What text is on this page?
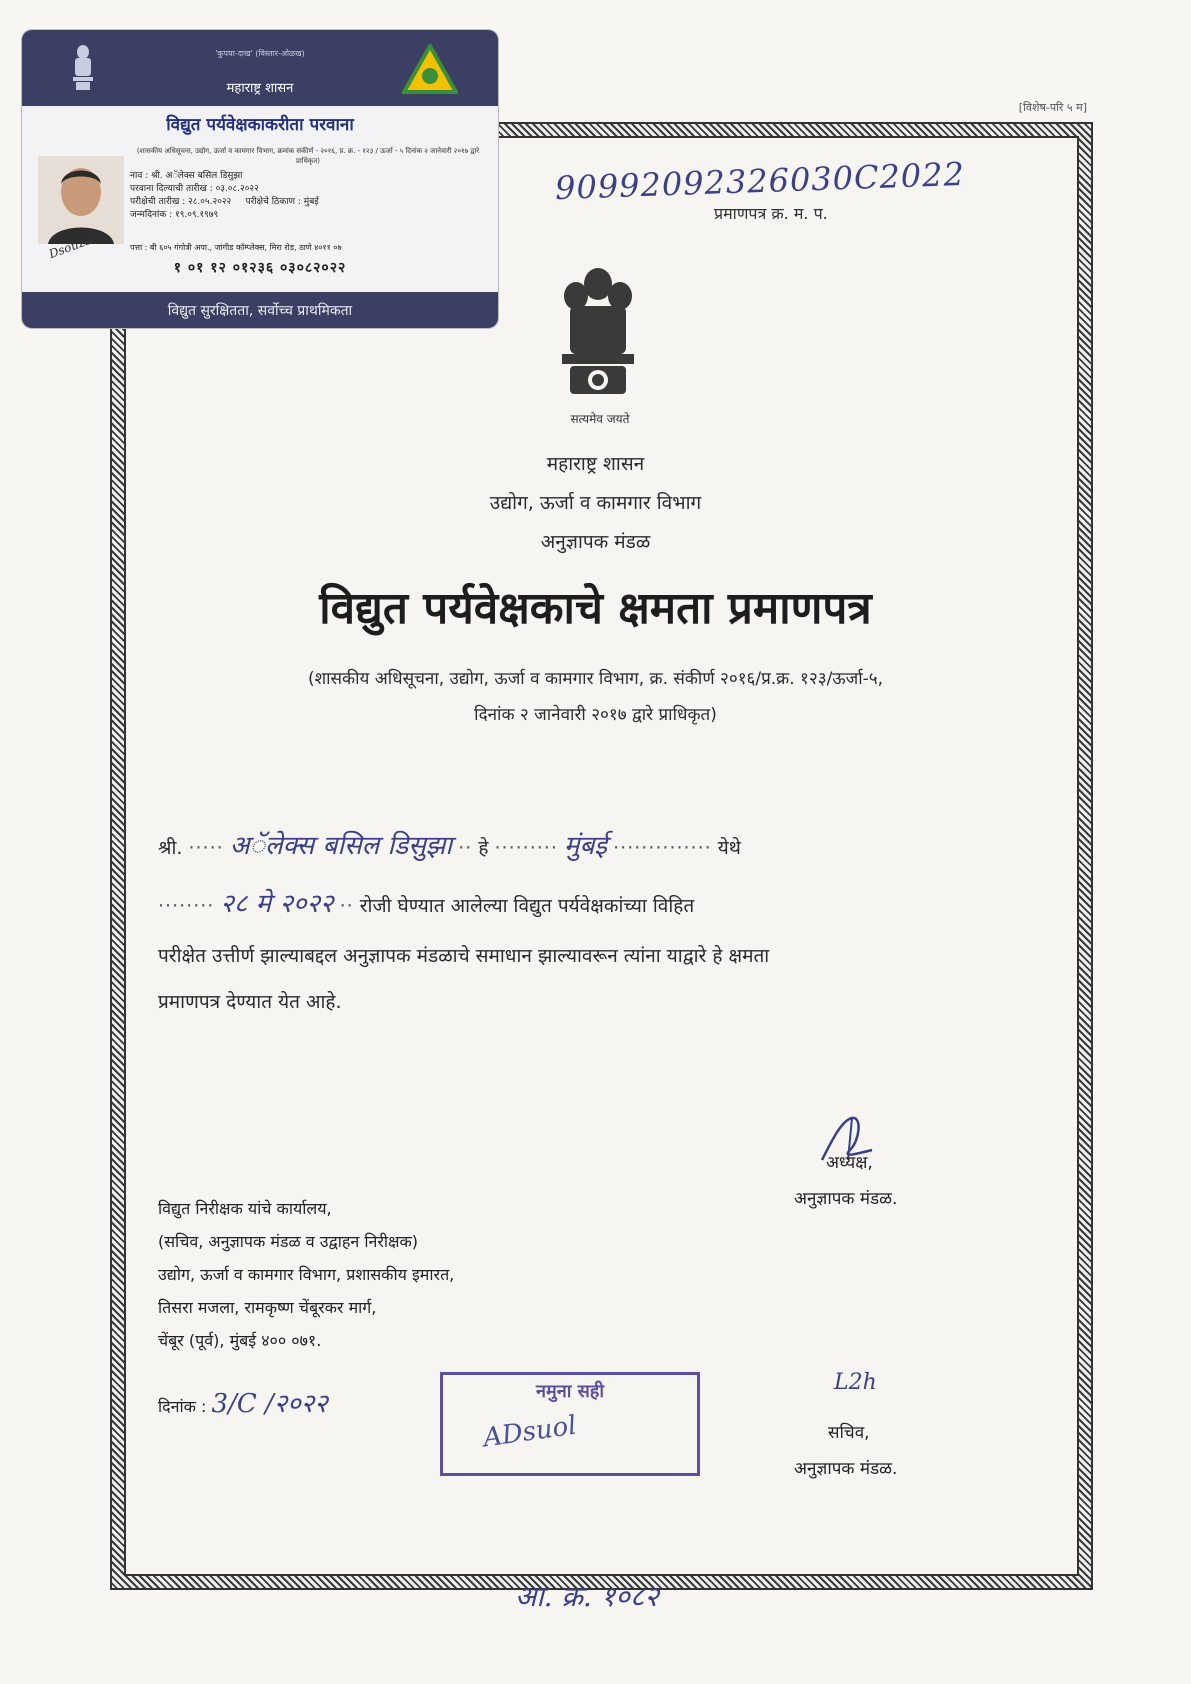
[विशेष-परि ५ म]
90992092326030C2022
प्रमाणपत्र क्र. म. प.
सत्यमेव जयते
महाराष्ट्र शासन
उद्योग, ऊर्जा व कामगार विभाग
अनुज्ञापक मंडळ
विद्युत पर्यवेक्षकाचे क्षमता प्रमाणपत्र
(शासकीय अधिसूचना, उद्योग, ऊर्जा व कामगार विभाग, क्र. संकीर्ण २०१६/प्र.क्र. १२३/ऊर्जा-५,
दिनांक २ जानेवारी २०१७ द्वारे प्राधिकृत)
श्री. ····· अॅलेक्स बसिल डिसुझा ·· हे ········· मुंबई ·············· येथे
········ २८ मे २०२२ ·· रोजी घेण्यात आलेल्या विद्युत पर्यवेक्षकांच्या विहित
परीक्षेत उत्तीर्ण झाल्याबद्दल अनुज्ञापक मंडळाचे समाधान झाल्यावरून त्यांना याद्वारे हे क्षमता
प्रमाणपत्र देण्यात येत आहे.
अध्यक्ष,
अनुज्ञापक मंडळ.
विद्युत निरीक्षक यांचे कार्यालय,
(सचिव, अनुज्ञापक मंडळ व उद्वाहन निरीक्षक)
उद्योग, ऊर्जा व कामगार विभाग, प्रशासकीय इमारत,
तिसरा मजला, रामकृष्ण चेंबूरकर मार्ग,
चेंबूर (पूर्व), मुंबई ४०० ०७१.
दिनांक : 3/C /२०२२	नमुना सही
ADsuol
L2h
सचिव,
अनुज्ञापक मंडळ.
आ. क्र. १०८२
'कुपया-दाख' (विस्तार-ओळख)
महाराष्ट्र शासन
विद्युत पर्यवेक्षकाकरीता परवाना
(शासकीय अधिसूचना, उद्योग, ऊर्जा व कामगार विभाग, क्रमांक संकीर्ण - २०१६, प्र. क्र. - १२३ / ऊर्जा - ५ दिनांक २ जानेवारी २०१७ द्वारे प्राधिकृत)
नाव : श्री. अॅलेक्स बसिल डिसुझा
परवाना दिल्याची तारीख : ०३.०८.२०२२
परीक्षेची तारीख : २८.०५.२०२२ परीक्षेचे ठिकाण : मुंबई
जन्मदिनांक : १९.०९.१९७९
Dsouza	पत्ता : बी ६०५ गंगोत्री अपा., जांगीड कॉम्प्लेक्स, मिरा रोड, ठाणे ४०११ ०७
१ ०१ १२ ०१२३६ ०३०८२०२२
विद्युत सुरक्षितता, सर्वोच्च प्राथमिकता
